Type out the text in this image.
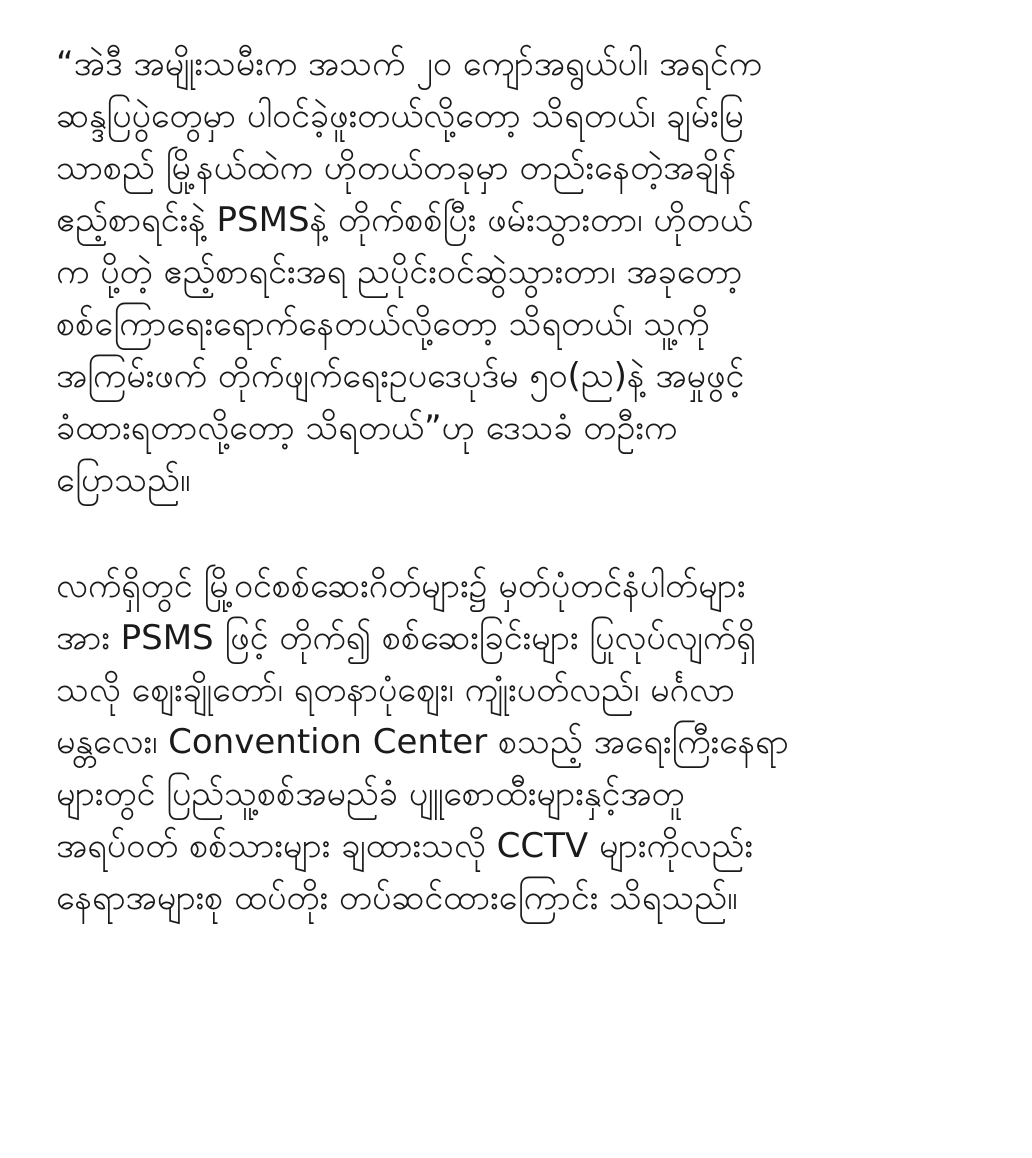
“အဲဒီ အမျိုးသမီးက အသက် ၂၀ ကျော်အရွယ်ပါ၊ အရင်က
ဆန္ဒပြပွဲတွေမှာ ပါဝင်ခဲ့ဖူးတယ်လို့တော့ သိရတယ်၊ ချမ်းမြ
သာစည် မြို့နယ်ထဲက ဟိုတယ်တခုမှာ တည်းနေတဲ့အချိန်
ဧည့်စာရင်းနဲ့ PSMSနဲ့ တိုက်စစ်ပြီး ဖမ်းသွားတာ၊ ဟိုတယ်
က ပို့တဲ့ ဧည့်စာရင်းအရ ညပိုင်းဝင်ဆွဲသွားတာ၊ အခုတော့
စစ်ကြောရေးရောက်နေတယ်လို့တော့ သိရတယ်၊ သူ့ကို
အကြမ်းဖက် တိုက်ဖျက်ရေးဥပဒေပုဒ်မ ၅၀(ည)နဲ့ အမှုဖွင့်
ခံထားရတာလို့တော့ သိရတယ်”ဟု ဒေသခံ တဦးက
ပြောသည်။
လက်ရှိတွင် မြို့ဝင်စစ်ဆေးဂိတ်များ၌ မှတ်ပုံတင်နံပါတ်များ
အား PSMS ဖြင့် တိုက်၍ စစ်ဆေးခြင်းများ ပြုလုပ်လျက်ရှိ
သလို ဈေးချိုတော်၊ ရတနာပုံဈေး၊ ကျုံးပတ်လည်၊ မင်္ဂလာ
မန္တလေး၊ Convention Center စသည့် အရေးကြီးနေရာ
များတွင် ပြည်သူ့စစ်အမည်ခံ ပျူစောထီးများနှင့်အတူ
အရပ်ဝတ် စစ်သားများ ချထားသလို CCTV များကိုလည်း
နေရာအများစု ထပ်တိုး တပ်ဆင်ထားကြောင်း သိရသည်။
